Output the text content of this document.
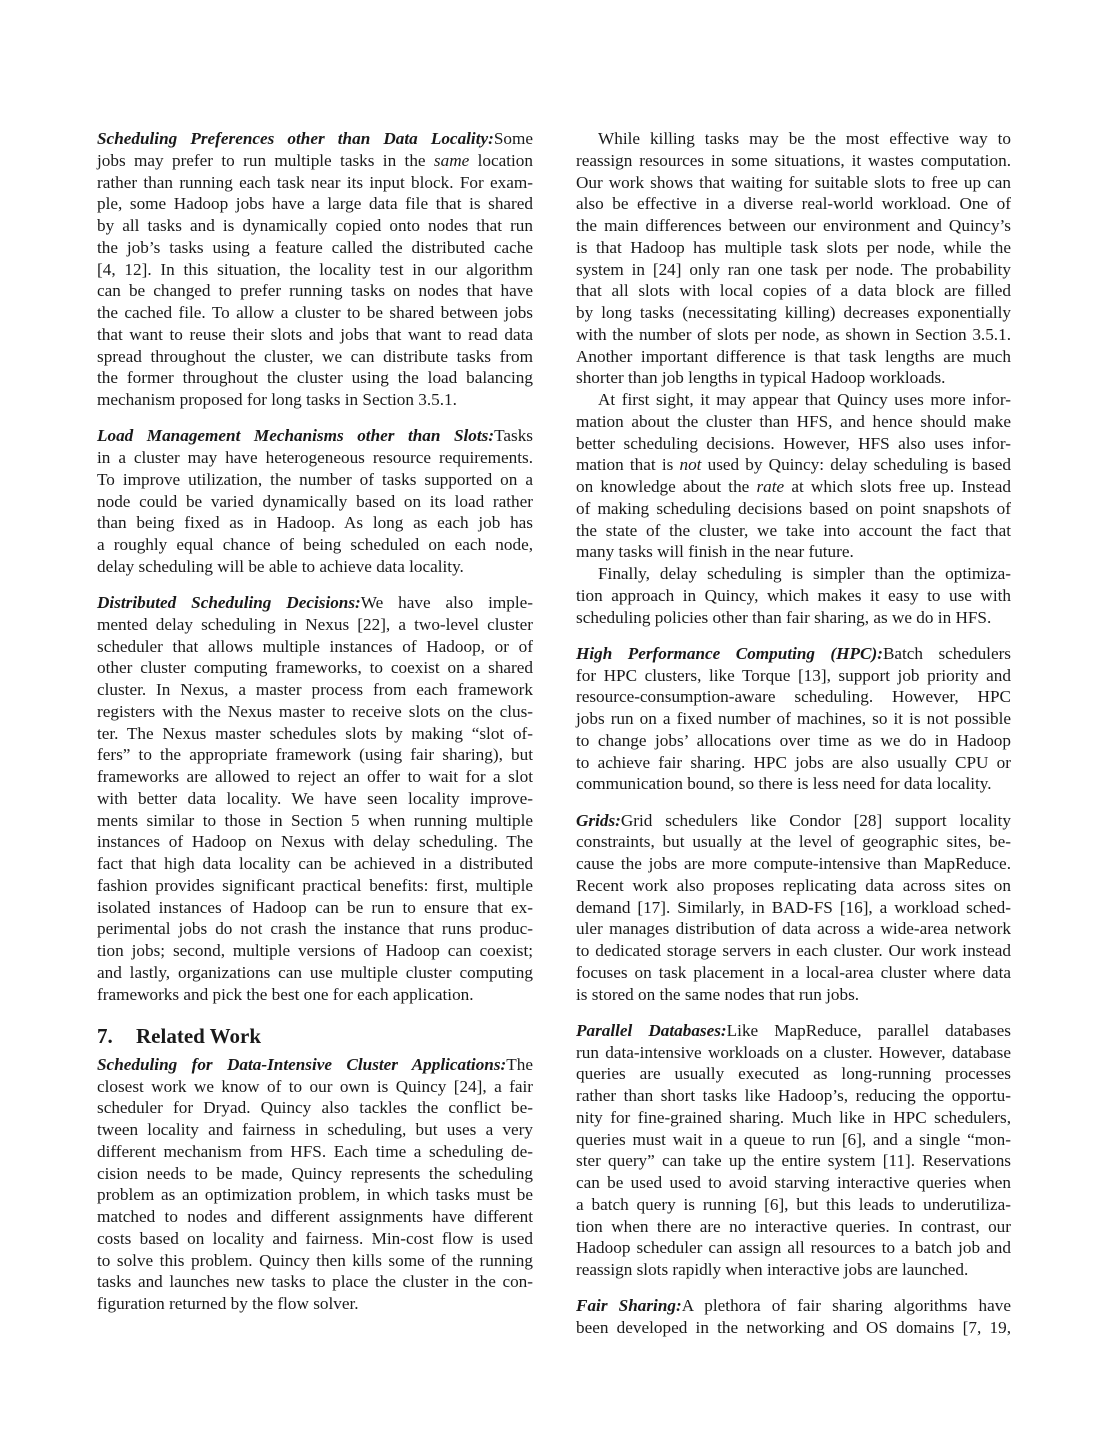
Scheduling Preferences other than Data Locality:Some
jobs may prefer to run multiple tasks in the same location
rather than running each task near its input block. For exam-
ple, some Hadoop jobs have a large data file that is shared
by all tasks and is dynamically copied onto nodes that run
the job’s tasks using a feature called the distributed cache
[4, 12]. In this situation, the locality test in our algorithm
can be changed to prefer running tasks on nodes that have
the cached file. To allow a cluster to be shared between jobs
that want to reuse their slots and jobs that want to read data
spread throughout the cluster, we can distribute tasks from
the former throughout the cluster using the load balancing
mechanism proposed for long tasks in Section 3.5.1.
Load Management Mechanisms other than Slots:Tasks
in a cluster may have heterogeneous resource requirements.
To improve utilization, the number of tasks supported on a
node could be varied dynamically based on its load rather
than being fixed as in Hadoop. As long as each job has
a roughly equal chance of being scheduled on each node,
delay scheduling will be able to achieve data locality.
Distributed Scheduling Decisions:We have also imple-
mented delay scheduling in Nexus [22], a two-level cluster
scheduler that allows multiple instances of Hadoop, or of
other cluster computing frameworks, to coexist on a shared
cluster. In Nexus, a master process from each framework
registers with the Nexus master to receive slots on the clus-
ter. The Nexus master schedules slots by making “slot of-
fers” to the appropriate framework (using fair sharing), but
frameworks are allowed to reject an offer to wait for a slot
with better data locality. We have seen locality improve-
ments similar to those in Section 5 when running multiple
instances of Hadoop on Nexus with delay scheduling. The
fact that high data locality can be achieved in a distributed
fashion provides significant practical benefits: first, multiple
isolated instances of Hadoop can be run to ensure that ex-
perimental jobs do not crash the instance that runs produc-
tion jobs; second, multiple versions of Hadoop can coexist;
and lastly, organizations can use multiple cluster computing
frameworks and pick the best one for each application.
7. Related Work
Scheduling for Data-Intensive Cluster Applications:The
closest work we know of to our own is Quincy [24], a fair
scheduler for Dryad. Quincy also tackles the conflict be-
tween locality and fairness in scheduling, but uses a very
different mechanism from HFS. Each time a scheduling de-
cision needs to be made, Quincy represents the scheduling
problem as an optimization problem, in which tasks must be
matched to nodes and different assignments have different
costs based on locality and fairness. Min-cost flow is used
to solve this problem. Quincy then kills some of the running
tasks and launches new tasks to place the cluster in the con-
figuration returned by the flow solver.
While killing tasks may be the most effective way to
reassign resources in some situations, it wastes computation.
Our work shows that waiting for suitable slots to free up can
also be effective in a diverse real-world workload. One of
the main differences between our environment and Quincy’s
is that Hadoop has multiple task slots per node, while the
system in [24] only ran one task per node. The probability
that all slots with local copies of a data block are filled
by long tasks (necessitating killing) decreases exponentially
with the number of slots per node, as shown in Section 3.5.1.
Another important difference is that task lengths are much
shorter than job lengths in typical Hadoop workloads.
At first sight, it may appear that Quincy uses more infor-
mation about the cluster than HFS, and hence should make
better scheduling decisions. However, HFS also uses infor-
mation that is not used by Quincy: delay scheduling is based
on knowledge about the rate at which slots free up. Instead
of making scheduling decisions based on point snapshots of
the state of the cluster, we take into account the fact that
many tasks will finish in the near future.
Finally, delay scheduling is simpler than the optimiza-
tion approach in Quincy, which makes it easy to use with
scheduling policies other than fair sharing, as we do in HFS.
High Performance Computing (HPC):Batch schedulers
for HPC clusters, like Torque [13], support job priority and
resource-consumption-aware scheduling. However, HPC
jobs run on a fixed number of machines, so it is not possible
to change jobs’ allocations over time as we do in Hadoop
to achieve fair sharing. HPC jobs are also usually CPU or
communication bound, so there is less need for data locality.
Grids:Grid schedulers like Condor [28] support locality
constraints, but usually at the level of geographic sites, be-
cause the jobs are more compute-intensive than MapReduce.
Recent work also proposes replicating data across sites on
demand [17]. Similarly, in BAD-FS [16], a workload sched-
uler manages distribution of data across a wide-area network
to dedicated storage servers in each cluster. Our work instead
focuses on task placement in a local-area cluster where data
is stored on the same nodes that run jobs.
Parallel Databases:Like MapReduce, parallel databases
run data-intensive workloads on a cluster. However, database
queries are usually executed as long-running processes
rather than short tasks like Hadoop’s, reducing the opportu-
nity for fine-grained sharing. Much like in HPC schedulers,
queries must wait in a queue to run [6], and a single “mon-
ster query” can take up the entire system [11]. Reservations
can be used used to avoid starving interactive queries when
a batch query is running [6], but this leads to underutiliza-
tion when there are no interactive queries. In contrast, our
Hadoop scheduler can assign all resources to a batch job and
reassign slots rapidly when interactive jobs are launched.
Fair Sharing:A plethora of fair sharing algorithms have
been developed in the networking and OS domains [7, 19,
